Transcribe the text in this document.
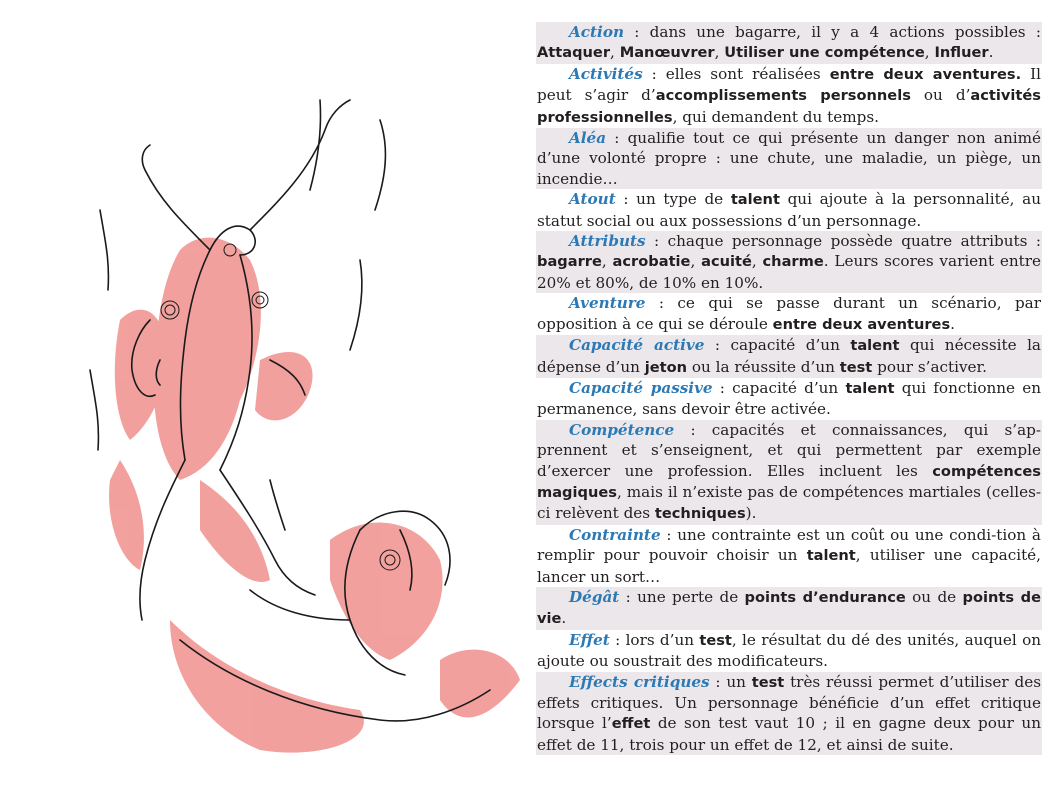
Action : dans une bagarre, il y a 4 actions possibles : Attaquer, Manœuvrer, Utiliser une compétence, Influer.
Activités : elles sont réalisées entre deux aventures. Il peut s’agir d’accomplissements personnels ou d’activités professionnelles, qui demandent du temps.
Aléa : qualifie tout ce qui présente un danger non animé d’une volonté propre : une chute, une maladie, un piège, un incendie…
Atout : un type de talent qui ajoute à la personnalité, au statut social ou aux possessions d’un personnage.
Attributs : chaque personnage possède quatre attributs : bagarre, acrobatie, acuité, charme. Leurs scores varient entre 20% et 80%, de 10% en 10%.
Aventure : ce qui se passe durant un scénario, par opposition à ce qui se déroule entre deux aventures.
Capacité active : capacité d’un talent qui nécessite la dépense d’un jeton ou la réussite d’un test pour s’activer.
Capacité passive : capacité d’un talent qui fonctionne en permanence, sans devoir être activée.
Compétence : capacités et connaissances, qui s’ap-prennent et s’enseignent, et qui permettent par exemple d’exercer une profession. Elles incluent les compétences magiques, mais il n’existe pas de compétences martiales (celles-ci relèvent des techniques).
Contrainte : une contrainte est un coût ou une condi-tion à remplir pour pouvoir choisir un talent, utiliser une capacité, lancer un sort…
Dégât : une perte de points d’endurance ou de points de vie.
Effet : lors d’un test, le résultat du dé des unités, auquel on ajoute ou soustrait des modificateurs.
Effects critiques : un test très réussi permet d’utiliser des effets critiques. Un personnage bénéficie d’un effet critique lorsque l’effet de son test vaut 10 ; il en gagne deux pour un effet de 11, trois pour un effet de 12, et ainsi de suite.
